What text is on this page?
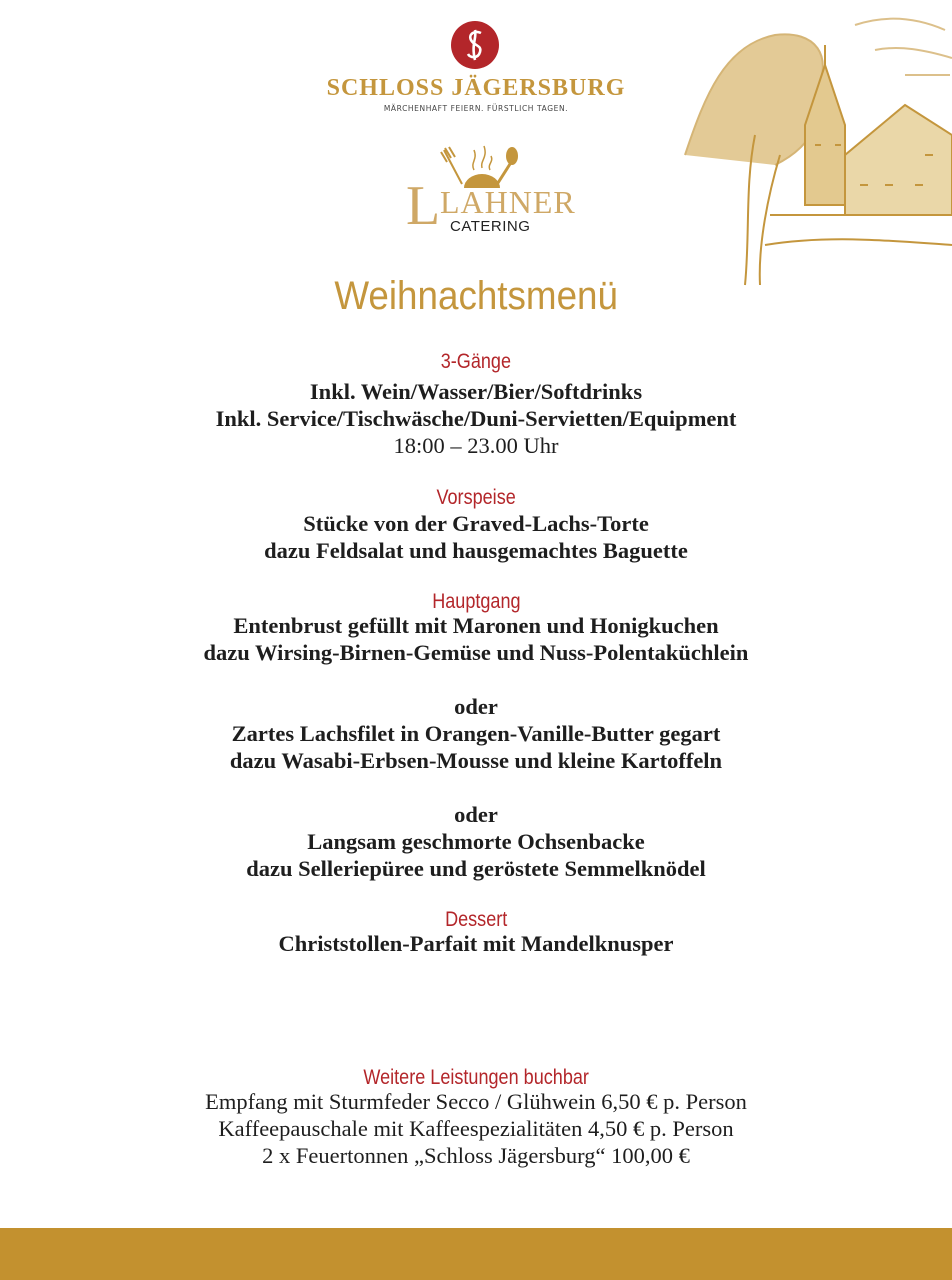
SCHLOSS JÄGERSBURG
MÄRCHENHAFT FEIERN. FÜRSTLICH TAGEN.
L LAHNER
CATERING
Weihnachtsmenü
3-Gänge
Inkl. Wein/Wasser/Bier/Softdrinks
Inkl. Service/Tischwäsche/Duni-Servietten/Equipment
18:00 – 23.00 Uhr
Vorspeise
Stücke von der Graved-Lachs-Torte
dazu Feldsalat und hausgemachtes Baguette
Hauptgang
Entenbrust gefüllt mit Maronen und Honigkuchen
dazu Wirsing-Birnen-Gemüse und Nuss-Polentaküchlein
oder
Zartes Lachsfilet in Orangen-Vanille-Butter gegart
dazu Wasabi-Erbsen-Mousse und kleine Kartoffeln
oder
Langsam geschmorte Ochsenbacke
dazu Selleriepüree und geröstete Semmelknödel
Dessert
Christstollen-Parfait mit Mandelknusper
Weitere Leistungen buchbar
Empfang mit Sturmfeder Secco / Glühwein 6,50 € p. Person
Kaffeepauschale mit Kaffeespezialitäten 4,50 € p. Person
2 x Feuertonnen „Schloss Jägersburg“ 100,00 €
